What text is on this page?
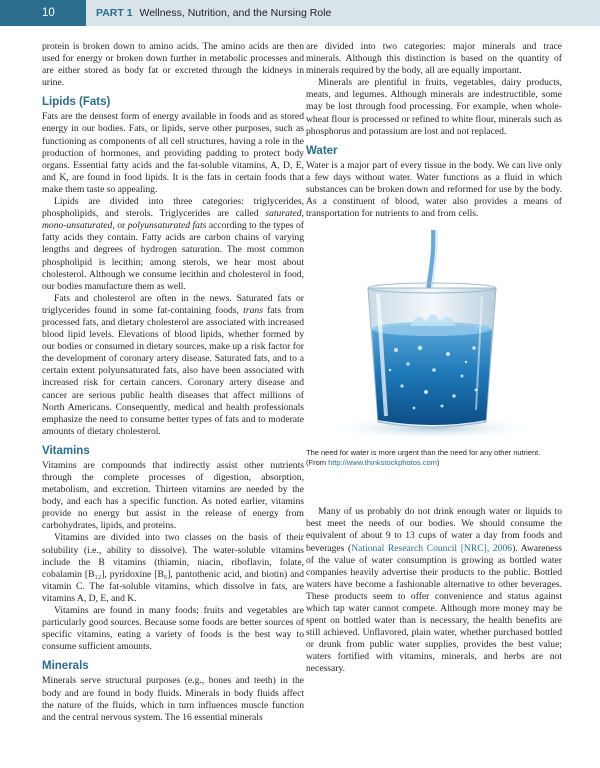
10	PART 1 Wellness, Nutrition, and the Nursing Role

protein is broken down to amino acids. The amino acids are then used for energy or broken down further in metabolic processes and are either stored as body fat or excreted through the kidneys in urine.

Lipids (Fats)

Fats are the densest form of energy available in foods and as stored energy in our bodies. Fats, or lipids, serve other purposes, such as functioning as components of all cell structures, having a role in the production of hormones, and providing padding to protect body organs. Essential fatty acids and the fat-soluble vitamins, A, D, E, and K, are found in food lipids. It is the fats in certain foods that make them taste so appealing.

Lipids are divided into three categories: triglycerides, phospholipids, and sterols. Triglycerides are called saturated, mono-unsaturated, or polyunsaturated fats according to the types of fatty acids they contain. Fatty acids are carbon chains of varying lengths and degrees of hydrogen saturation. The most common phospholipid is lecithin; among sterols, we hear most about cholesterol. Although we consume lecithin and cholesterol in food, our bodies manufacture them as well.

Fats and cholesterol are often in the news. Saturated fats or triglycerides found in some fat-containing foods, trans fats from processed fats, and dietary cholesterol are associated with increased blood lipid levels. Elevations of blood lipids, whether formed by our bodies or consumed in dietary sources, make up a risk factor for the development of coronary artery disease. Saturated fats, and to a certain extent polyunsaturated fats, also have been associated with increased risk for certain cancers. Coronary artery disease and cancer are serious public health diseases that affect millions of North Americans. Consequently, medical and health professionals emphasize the need to consume better types of fats and to moderate amounts of dietary cholesterol.

Vitamins

Vitamins are compounds that indirectly assist other nutrients through the complete processes of digestion, absorption, metabolism, and excretion. Thirteen vitamins are needed by the body, and each has a specific function. As noted earlier, vitamins provide no energy but assist in the release of energy from carbohydrates, lipids, and proteins.

Vitamins are divided into two classes on the basis of their solubility (i.e., ability to dissolve). The water-soluble vitamins include the B vitamins (thiamin, niacin, riboflavin, folate, cobalamin [B₁₂], pyridoxine [B₆], pantothenic acid, and biotin) and vitamin C. The fat-soluble vitamins, which dissolve in fats, are vitamins A, D, E, and K.

Vitamins are found in many foods; fruits and vegetables are particularly good sources. Because some foods are better sources of specific vitamins, eating a variety of foods is the best way to consume sufficient amounts.

Minerals

Minerals serve structural purposes (e.g., bones and teeth) in the body and are found in body fluids. Minerals in body fluids affect the nature of the fluids, which in turn influences muscle function and the central nervous system. The 16 essential minerals

are divided into two categories: major minerals and trace minerals. Although this distinction is based on the quantity of minerals required by the body, all are equally important.

Minerals are plentiful in fruits, vegetables, dairy products, meats, and legumes. Although minerals are indestructible, some may be lost through food processing. For example, when whole-wheat flour is processed or refined to white flour, minerals such as phosphorus and potassium are lost and not replaced.

Water

Water is a major part of every tissue in the body. We can live only a few days without water. Water functions as a fluid in which substances can be broken down and reformed for use by the body. As a constituent of blood, water also provides a means of transportation for nutrients to and from cells.

The need for water is more urgent than the need for any other nutrient.
(From http://www.thinkstockphotos.com)

Many of us probably do not drink enough water or liquids to best meet the needs of our bodies. We should consume the equivalent of about 9 to 13 cups of water a day from foods and beverages (National Research Council [NRC], 2006). Awareness of the value of water consumption is growing as bottled water companies heavily advertise their products to the public. Bottled waters have become a fashionable alternative to other beverages. These products seem to offer convenience and status against which tap water cannot compete. Although more money may be spent on bottled water than is necessary, the health benefits are still achieved. Unflavored, plain water, whether purchased bottled or drunk from public water supplies, provides the best value; waters fortified with vitamins, minerals, and herbs are not necessary.
